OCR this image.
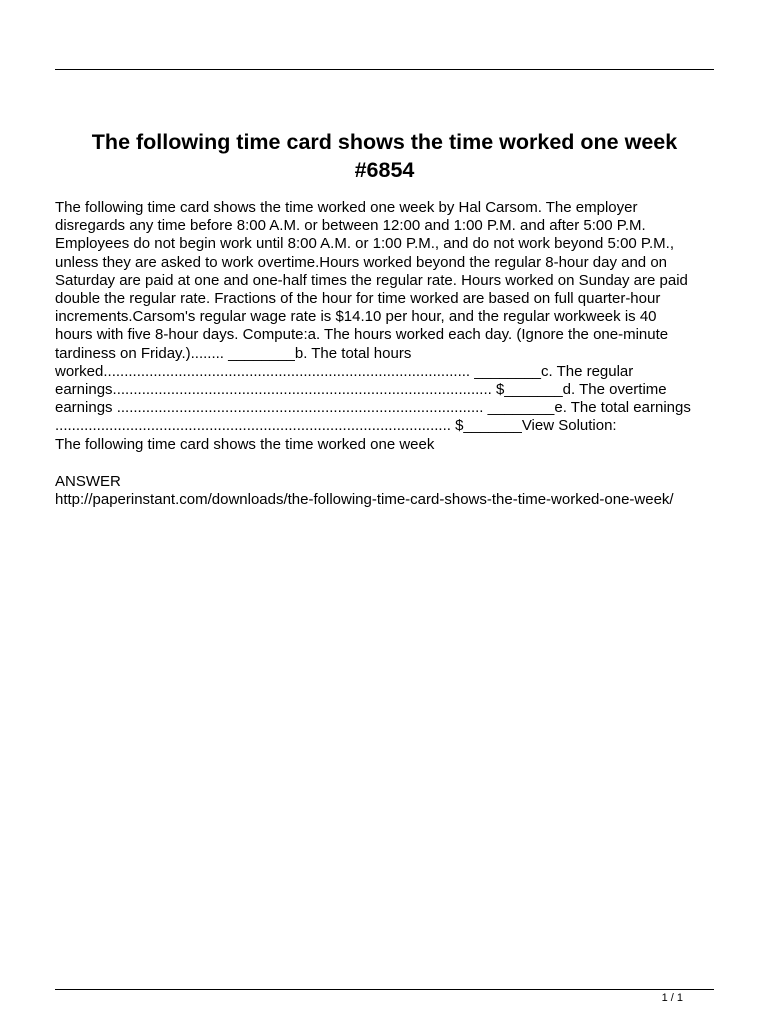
The following time card shows the time worked one week
#6854

The following time card shows the time worked one week by Hal Carsom. The employer
disregards any time before 8:00 A.M. or between 12:00 and 1:00 P.M. and after 5:00 P.M.
Employees do not begin work until 8:00 A.M. or 1:00 P.M., and do not work beyond 5:00 P.M.,
unless they are asked to work overtime.Hours worked beyond the regular 8-hour day and on
Saturday are paid at one and one-half times the regular rate. Hours worked on Sunday are paid
double the regular rate. Fractions of the hour for time worked are based on full quarter-hour
increments.Carsom's regular wage rate is $14.10 per hour, and the regular workweek is 40
hours with five 8-hour days. Compute:a. The hours worked each day. (Ignore the one-minute
tardiness on Friday.)........ ________b. The total hours
worked........................................................................................ ________c. The regular
earnings........................................................................................... $_______d. The overtime
earnings ........................................................................................ ________e. The total earnings
............................................................................................... $_______View Solution:
The following time card shows the time worked one week

ANSWER
http://paperinstant.com/downloads/the-following-time-card-shows-the-time-worked-one-week/
1 / 1
